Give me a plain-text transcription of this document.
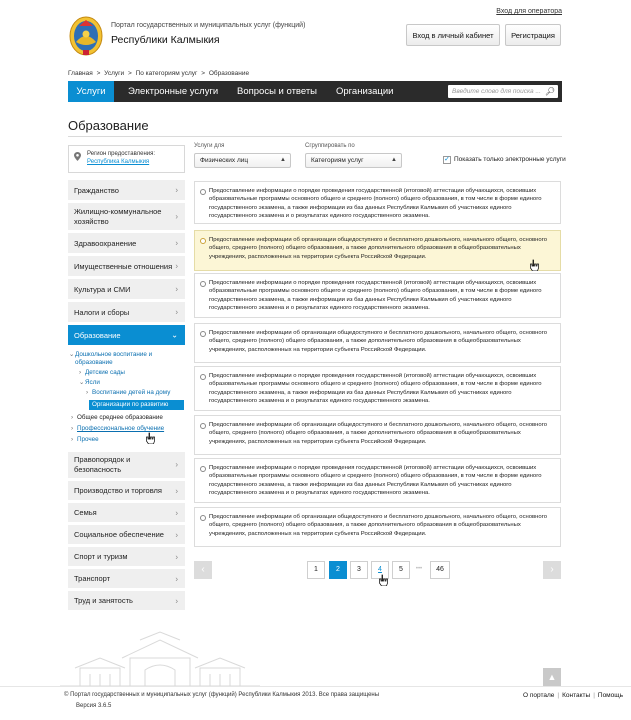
Вход для оператора
Портал государственных и муниципальных услуг (функций)
Республики Калмыкия	Вход в личный кабинет	Регистрация
Главная > Услуги > По категориям услуг > Образование
Услуги	Электронные услуги Вопросы и ответы Организации	Введите слово для поиска ... 🔎︎
Образование
Регион предоставления:
Республика Калмыкия
Услуги для
Физических лиц	▲︎

Сгруппировать по
Категориям услуг	▲︎	✓ Показать только электронные услуги
Гражданство	›
Жилищно-коммунальное хозяйство
›
Здравоохранение	›
Имущественные отношения ›
Культура и СМИ	›
Налоги и сборы	›
Образование	⌄
⌄ Дошкольное воспитание и образование
› Детские сады
⌄ Ясли
› Воспитание детей на дому
Организации по развитию
› Общее среднее образование
› Профессиональное обучение
› Прочее
Правопорядок и безопасность
›
Производство и торговля ›
Семья	›
Социальное обеспечение ›
Спорт и туризм	›
Транспорт	›
Труд и занятость	›
Предоставление информации о порядке проведения государственной (итоговой) аттестации обучающихся, освоивших образовательные программы основного общего и среднего (полного) общего образования, в том числе в форме единого государственного экзамена, а также информации из баз данных Республики Калмыкия об участниках единого государственного экзамена и о результатах единого государственного экзамена.
Предоставление информации об организации общедоступного и бесплатного дошкольного, начального общего, основного общего, среднего (полного) общего образования, а также дополнительного образования в общеобразовательных учреждениях, расположенных на территории субъекта Российской Федерации.
Предоставление информации о порядке проведения государственной (итоговой) аттестации обучающихся, освоивших образовательные программы основного общего и среднего (полного) общего образования, в том числе в форме единого государственного экзамена, а также информации из баз данных Республики Калмыкия об участниках единого государственного экзамена и о результатах единого государственного экзамена.
Предоставление информации об организации общедоступного и бесплатного дошкольного, начального общего, основного общего, среднего (полного) общего образования, а также дополнительного образования в общеобразовательных учреждениях, расположенных на территории субъекта Российской Федерации.
Предоставление информации о порядке проведения государственной (итоговой) аттестации обучающихся, освоивших образовательные программы основного общего и среднего (полного) общего образования, в том числе в форме единого государственного экзамена, а также информации из баз данных Республики Калмыкия об участниках единого государственного экзамена и о результатах единого государственного экзамена.
Предоставление информации об организации общедоступного и бесплатного дошкольного, начального общего, основного общего, среднего (полного) общего образования, а также дополнительного образования в общеобразовательных учреждениях, расположенных на территории субъекта Российской Федерации.
Предоставление информации о порядке проведения государственной (итоговой) аттестации обучающихся, освоивших образовательные программы основного общего и среднего (полного) общего образования, в том числе в форме единого государственного экзамена, а также информации из баз данных Республики Калмыкия об участниках единого государственного экзамена и о результатах единого государственного экзамена.
Предоставление информации об организации общедоступного и бесплатного дошкольного, начального общего, основного общего, среднего (полного) общего образования, а также дополнительного образования в общеобразовательных учреждениях, расположенных на территории субъекта Российской Федерации.
‹	1	2	3	4	5	•••	46	›
▲
© Портал государственных и муниципальных услуг (функций) Республики Калмыкия 2013. Все права защищены
Версия 3.6.5
О портале | Контакты | Помощь
